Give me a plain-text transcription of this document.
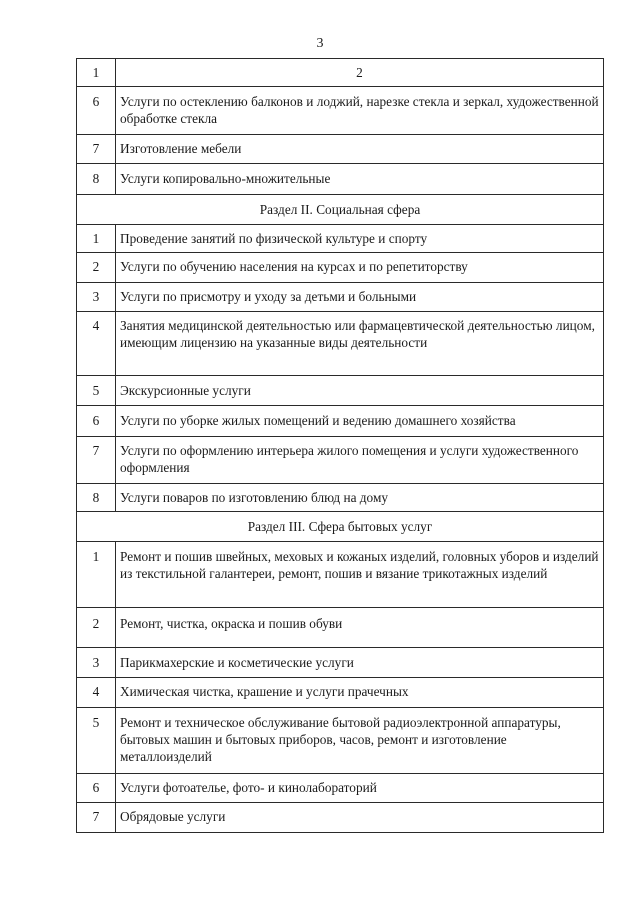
3
1	2
6	Услуги по остеклению балконов и лоджий, нарезке стекла и зеркал, художественной обработке стекла
7	Изготовление мебели
8	Услуги копировально-множительные
Раздел II. Социальная сфера	
1	Проведение занятий по физической культуре и спорту
2	Услуги по обучению населения на курсах и по репетиторству
3	Услуги по присмотру и уходу за детьми и больными
4	Занятия медицинской деятельностью или фармацевтической деятельностью лицом, имеющим лицензию на указанные виды деятельности
5	Экскурсионные услуги
6	Услуги по уборке жилых помещений и ведению домашнего хозяйства
7	Услуги по оформлению интерьера жилого помещения и услуги художественного оформления
8	Услуги поваров по изготовлению блюд на дому
Раздел III. Сфера бытовых услуг	
1	Ремонт и пошив швейных, меховых и кожаных изделий, головных уборов и изделий из текстильной галантереи, ремонт, пошив и вязание трикотажных изделий
2	Ремонт, чистка, окраска и пошив обуви
3	Парикмахерские и косметические услуги
4	Химическая чистка, крашение и услуги прачечных
5	Ремонт и техническое обслуживание бытовой радиоэлектронной аппаратуры, бытовых машин и бытовых приборов, часов, ремонт и изготовление металлоизделий
6	Услуги фотоателье, фото- и кинолабораторий
7	Обрядовые услуги
